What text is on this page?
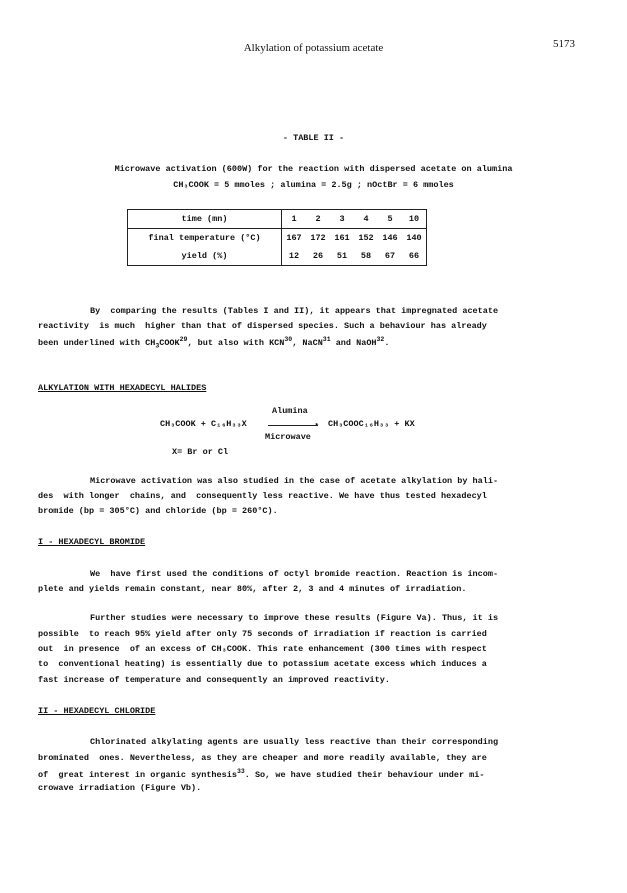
Alkylation of potassium acetate	5173
- TABLE II -
Microwave activation (600W) for the reaction with dispersed acetate on alumina
CH₃COOK = 5 mmoles ; alumina = 2.5g ; nOctBr = 6 mmoles
time (mn)	1	2	3	4	5	10
final temperature (°C)	167	172	161	152	146	140
yield (%)	12	26	51	58	67	66
By  comparing the results (Tables I and II), it appears that impregnated acetate
reactivity  is much  higher than that of dispersed species. Such a behaviour has already
been underlined with $CH_3COOK^{29}$, but also with KCN$^{30}$, NaCN$^{31}$ and NaOH$^{32}$.
ALKYLATION WITH HEXADECYL HALIDES
Alumina
CH₃COOK + C₁₆H₃₃X	▸ CH₃COOC₁₆H₃₃ + KX
Microwave
X= Br or Cl
Microwave activation was also studied in the case of acetate alkylation by hali-
des  with longer  chains, and  consequently less reactive. We have thus tested hexadecyl
bromide (bp = 305°C) and chloride (bp = 260°C).
I - HEXADECYL BROMIDE
We  have first used the conditions of octyl bromide reaction. Reaction is incom-
plete and yields remain constant, near 80%, after 2, 3 and 4 minutes of irradiation.
Further studies were necessary to improve these results (Figure Va). Thus, it is
possible  to reach 95% yield after only 75 seconds of irradiation if reaction is carried
out  in presence  of an excess of CH₃COOK. This rate enhancement (300 times with respect
to  conventional heating) is essentially due to potassium acetate excess which induces a
fast increase of temperature and consequently an improved reactivity.
II - HEXADECYL CHLORIDE
Chlorinated alkylating agents are usually less reactive than their corresponding
brominated  ones. Nevertheless, as they are cheaper and more readily available, they are
of  great interest in organic synthesis$^{33}$. So, we have studied their behaviour under mi-
crowave irradiation (Figure Vb).
